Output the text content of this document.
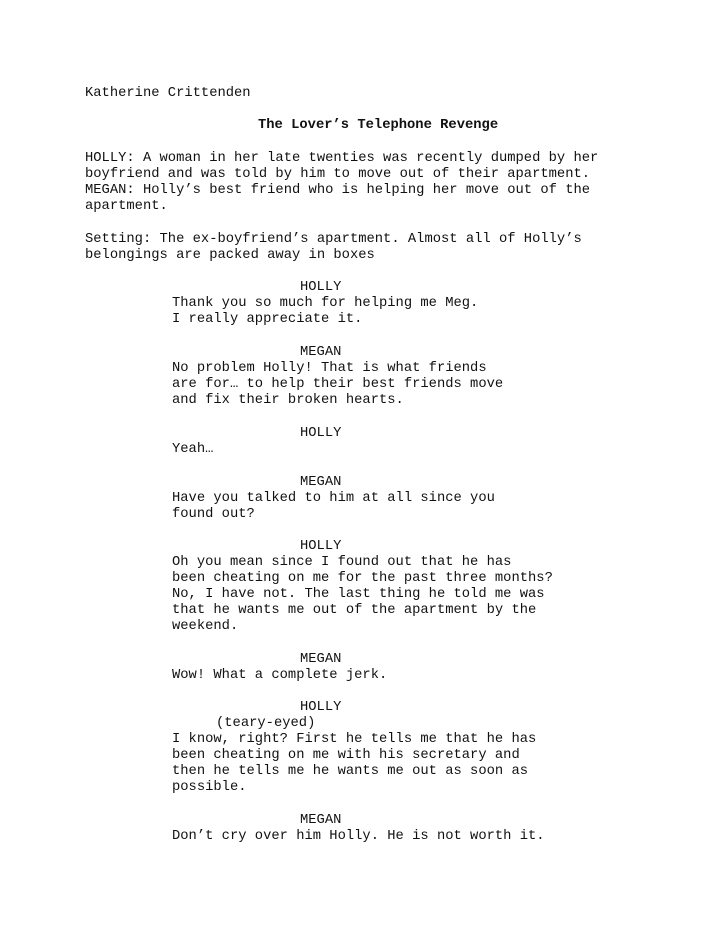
Katherine Crittenden
The Lover’s Telephone Revenge
HOLLY: A woman in her late twenties was recently dumped by her
boyfriend and was told by him to move out of their apartment.
MEGAN: Holly’s best friend who is helping her move out of the
apartment.
Setting: The ex-boyfriend’s apartment. Almost all of Holly’s
belongings are packed away in boxes
HOLLY
Thank you so much for helping me Meg.
I really appreciate it.
MEGAN
No problem Holly! That is what friends
are for… to help their best friends move
and fix their broken hearts.
HOLLY
Yeah…
MEGAN
Have you talked to him at all since you
found out?
HOLLY
Oh you mean since I found out that he has
been cheating on me for the past three months?
No, I have not. The last thing he told me was
that he wants me out of the apartment by the
weekend.
MEGAN
Wow! What a complete jerk.
HOLLY
(teary-eyed)
I know, right? First he tells me that he has
been cheating on me with his secretary and
then he tells me he wants me out as soon as
possible.
MEGAN
Don’t cry over him Holly. He is not worth it.
